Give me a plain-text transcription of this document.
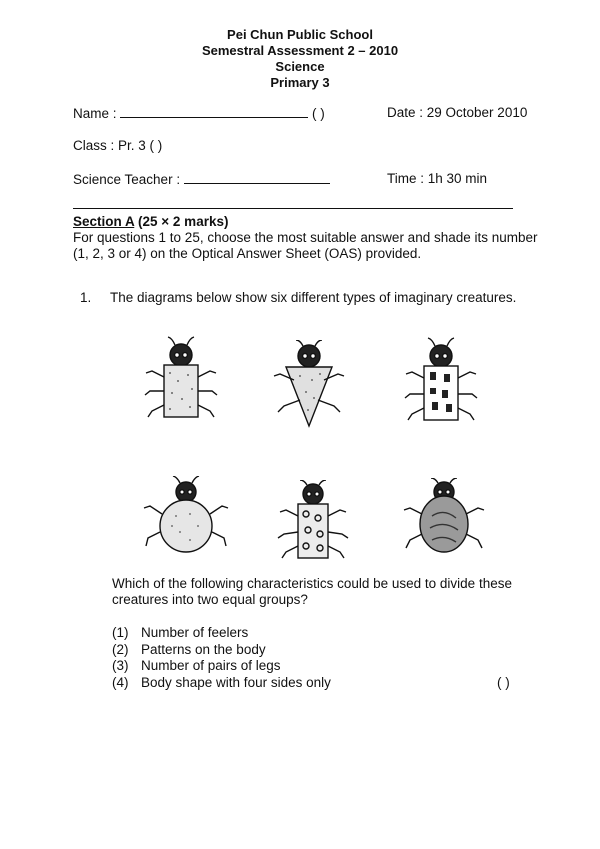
Pei Chun Public School
Semestral Assessment 2 – 2010
Science
Primary 3
Name :	( )	Date : 29 October 2010
Class : Pr. 3 ( )
Science Teacher :	Time : 1h 30 min
Section A (25 × 2 marks)
For questions 1 to 25, choose the most suitable answer and shade its number (1, 2, 3 or 4) on the Optical Answer Sheet (OAS) provided.
1. The diagrams below show six different types of imaginary creatures.
Which of the following characteristics could be used to divide these creatures into two equal groups?
(1) Number of feelers
(2) Patterns on the body
(3) Number of pairs of legs
(4) Body shape with four sides only	( )
